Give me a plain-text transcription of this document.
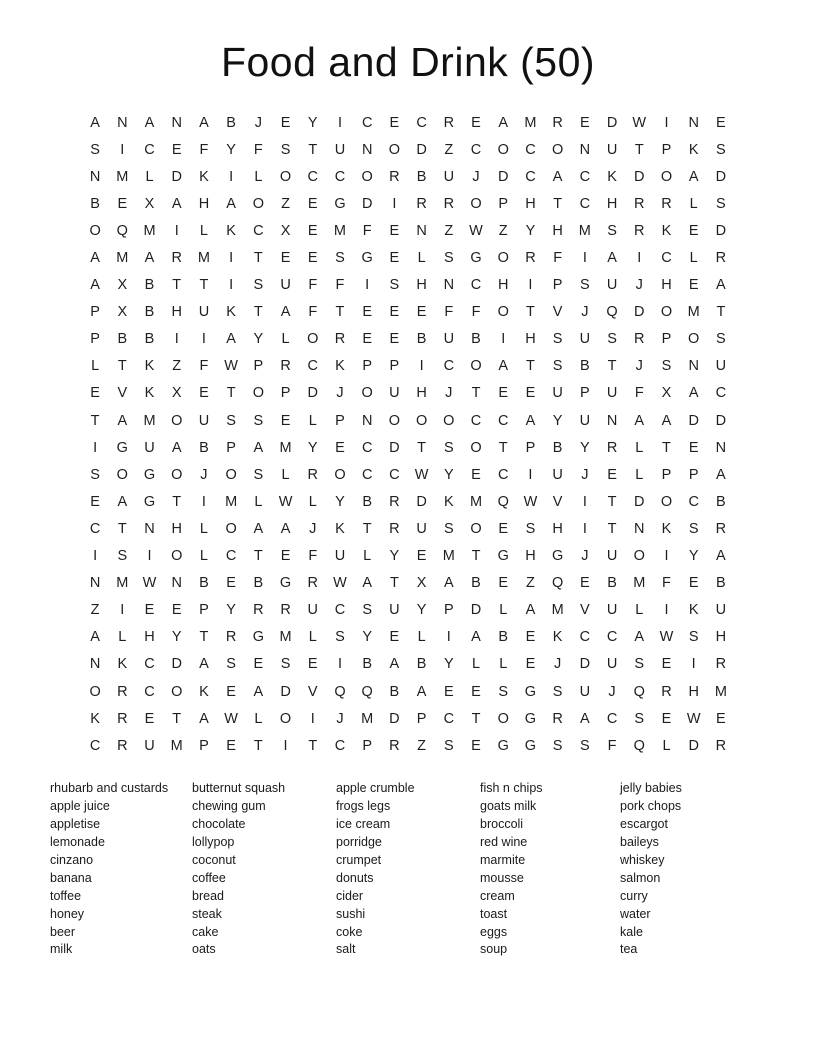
Food and Drink (50)
A	N	A	N	A	B	J	E	Y	I	C	E	C	R	E	A	M	R	E	D	W	I	N	E
S	I	C	E	F	Y	F	S	T	U	N	O	D	Z	C	O	C	O	N	U	T	P	K	S
N	M	L	D	K	I	L	O	C	C	O	R	B	U	J	D	C	A	C	K	D	O	A	D
B	E	X	A	H	A	O	Z	E	G	D	I	R	R	O	P	H	T	C	H	R	R	L	S
O	Q	M	I	L	K	C	X	E	M	F	E	N	Z	W	Z	Y	H	M	S	R	K	E	D
A	M	A	R	M	I	T	E	E	S	G	E	L	S	G	O	R	F	I	A	I	C	L	R
A	X	B	T	T	I	S	U	F	F	I	S	H	N	C	H	I	P	S	U	J	H	E	A
P	X	B	H	U	K	T	A	F	T	E	E	E	F	F	O	T	V	J	Q	D	O	M	T
P	B	B	I	I	A	Y	L	O	R	E	E	B	U	B	I	H	S	U	S	R	P	O	S
L	T	K	Z	F	W	P	R	C	K	P	P	I	C	O	A	T	S	B	T	J	S	N	U
E	V	K	X	E	T	O	P	D	J	O	U	H	J	T	E	E	U	P	U	F	X	A	C
T	A	M	O	U	S	S	E	L	P	N	O	O	O	C	C	A	Y	U	N	A	A	D	D
I	G	U	A	B	P	A	M	Y	E	C	D	T	S	O	T	P	B	Y	R	L	T	E	N
S	O	G	O	J	O	S	L	R	O	C	C	W	Y	E	C	I	U	J	E	L	P	P	A
E	A	G	T	I	M	L	W	L	Y	B	R	D	K	M	Q	W	V	I	T	D	O	C	B
C	T	N	H	L	O	A	A	J	K	T	R	U	S	O	E	S	H	I	T	N	K	S	R
I	S	I	O	L	C	T	E	F	U	L	Y	E	M	T	G	H	G	J	U	O	I	Y	A
N	M W	N	B	E	B	G	R	W	A	T	X	A	B	E	Z	Q	E	B	M	F	E	B
Z	I	E	E	P	Y	R	R	U	C	S	U	Y	P	D	L	A	M	V	U	L	I	K	U
A	L	H	Y	T	R	G	M	L	S	Y	E	L	I	A	B	E	K	C	C	A	W	S	H
N	K	C	D	A	S	E	S	E	I	B	A	B	Y	L	L	E	J	D	U	S	E	I	R
O	R	C	O	K	E	A	D	V	Q	Q	B	A	E	E	S	G	S	U	J	Q	R	H	M
K	R	E	T	A	W	L	O	I	J	M	D	P	C	T	O	G	R	A	C	S	E	W	E
C	R	U	M	P	E	T	I	T	C	P	R	Z	S	E	G	G	S	S	F	Q	L	D	R
rhubarb and custards
apple juice
appletise
lemonade
cinzano
banana
toffee
honey
beer
milk
butternut squash
chewing gum
chocolate
lollypop
coconut
coffee
bread
steak
cake
oats
apple crumble
frogs legs
ice cream
porridge
crumpet
donuts
cider
sushi
coke
salt
fish n chips
goats milk
broccoli
red wine
marmite
mousse
cream
toast
eggs
soup
jelly babies
pork chops
escargot
baileys
whiskey
salmon
curry
water
kale
tea
